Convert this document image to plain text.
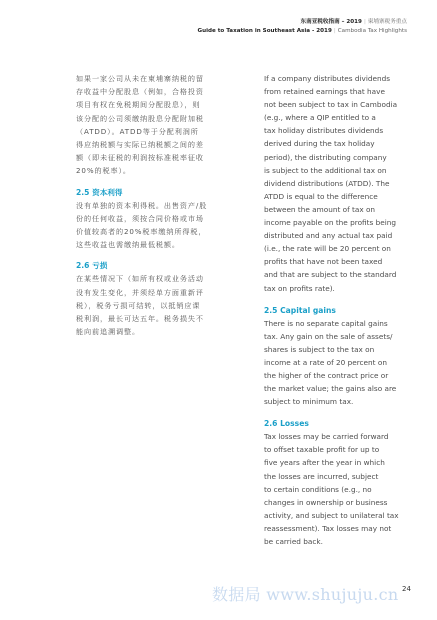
东南亚税收指南 – 2019 | 柬埔寨税务重点
Guide to Taxation in Southeast Asia - 2019 | Cambodia Tax Highlights
如果一家公司从未在柬埔寨纳税的留
存收益中分配股息（例如，合格投资
项目有权在免税期间分配股息），则
该分配的公司须缴纳股息分配附加税
（ATDD）。ATDD等于分配利润所
得应纳税额与实际已纳税额之间的差
额（即未征税的利润按标准税率征收
20%的税率）。
2.5 资本利得
没有单独的资本利得税。出售资产/股
份的任何收益，须按合同价格或市场
价值较高者的20%税率缴纳所得税，
这些收益也需缴纳最低税额。
2.6 亏损
在某些情况下（如所有权或业务活动
没有发生变化，并须经单方面重新评
税），税务亏损可结转，以抵销应课
税利润，最长可达五年。税务损失不
能向前追溯调整。
If a company distributes dividends
from retained earnings that have
not been subject to tax in Cambodia
(e.g., where a QIP entitled to a
tax holiday distributes dividends
derived during the tax holiday
period), the distributing company
is subject to the additional tax on
dividend distributions (ATDD). The
ATDD is equal to the difference
between the amount of tax on
income payable on the profits being
distributed and any actual tax paid
(i.e., the rate will be 20 percent on
profits that have not been taxed
and that are subject to the standard
tax on profits rate).
2.5 Capital gains
There is no separate capital gains
tax. Any gain on the sale of assets/
shares is subject to the tax on
income at a rate of 20 percent on
the higher of the contract price or
the market value; the gains also are
subject to minimum tax.
2.6 Losses
Tax losses may be carried forward
to offset taxable profit for up to
five years after the year in which
the losses are incurred, subject
to certain conditions (e.g., no
changes in ownership or business
activity, and subject to unilateral tax
reassessment). Tax losses may not
be carried back.
数据局 www.shujuju.cn 24
